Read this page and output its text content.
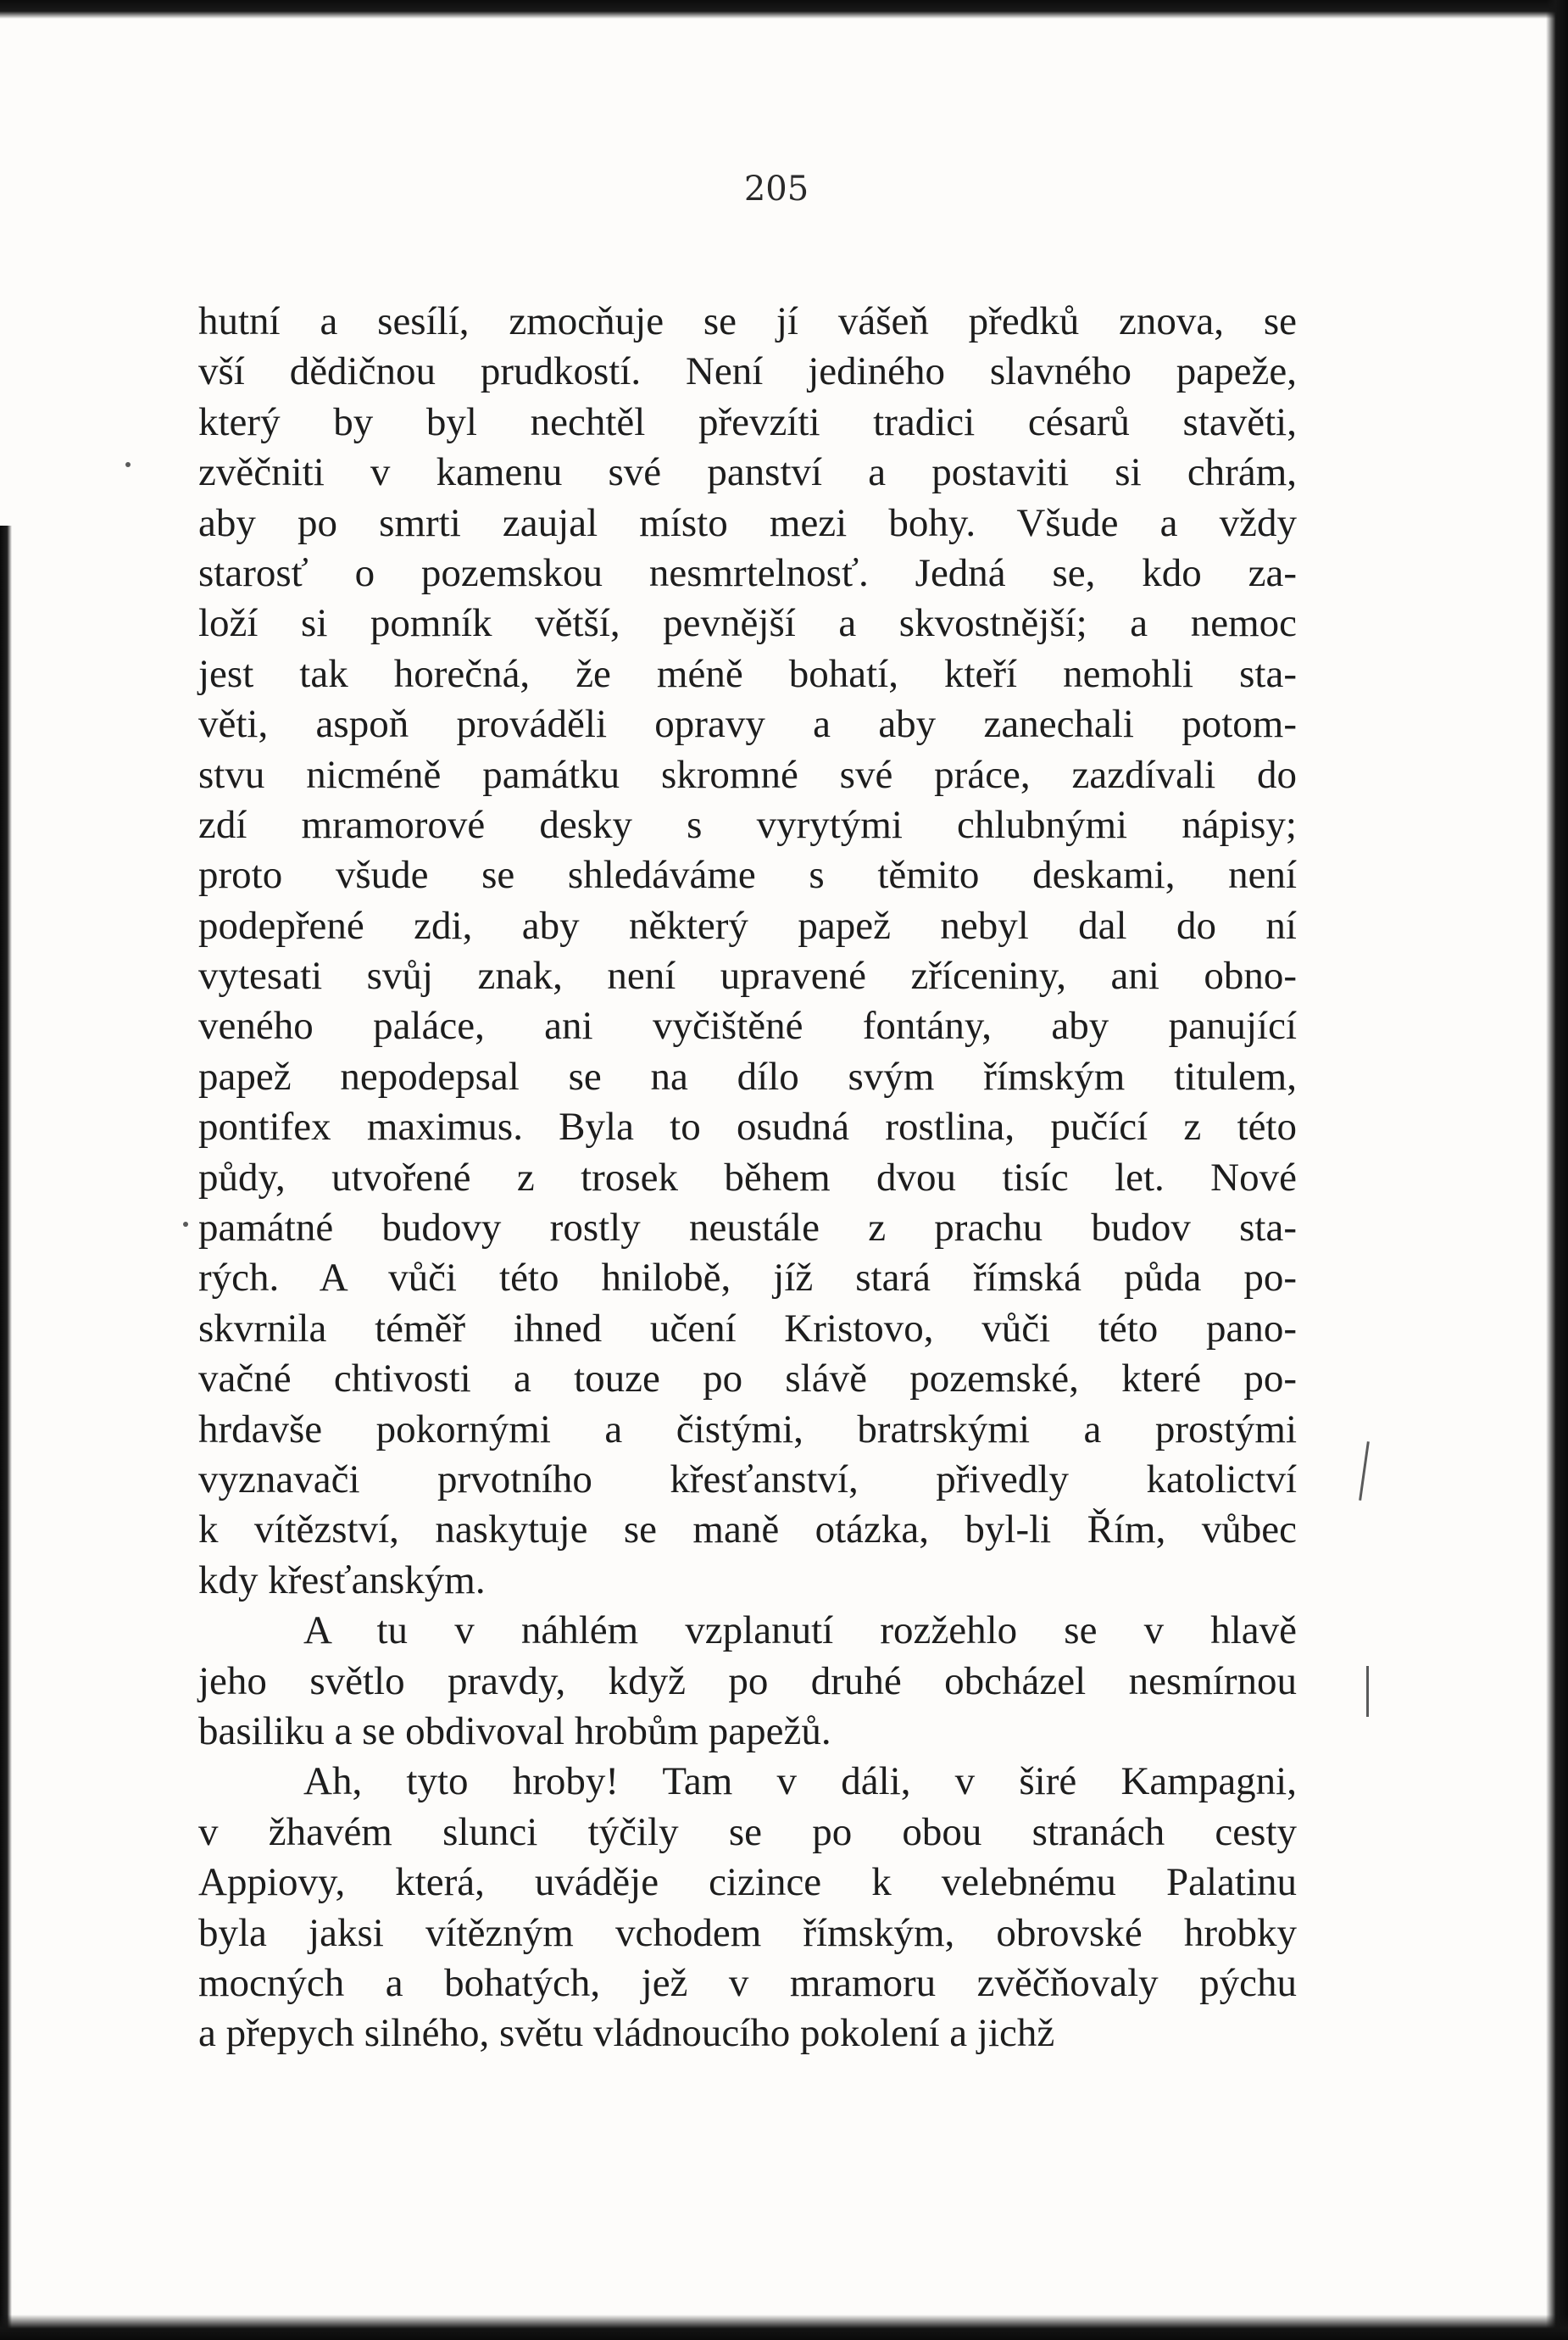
205
hutní a sesílí, zmocňuje se jí vášeň předků znova, se
vší dědičnou prudkostí. Není jediného slavného papeže,
který by byl nechtěl převzíti tradici césarů stavěti,
zvěčniti v kamenu své panství a postaviti si chrám,
aby po smrti zaujal místo mezi bohy. Všude a vždy
starosť o pozemskou nesmrtelnosť. Jedná se, kdo za-
loží si pomník větší, pevnější a skvostnější; a nemoc
jest tak horečná, že méně bohatí, kteří nemohli sta-
věti, aspoň prováděli opravy a aby zanechali potom-
stvu nicméně památku skromné své práce, zazdívali do
zdí mramorové desky s vyrytými chlubnými nápisy;
proto všude se shledáváme s těmito deskami, není
podepřené zdi, aby některý papež nebyl dal do ní
vytesati svůj znak, není upravené zříceniny, ani obno-
veného paláce, ani vyčištěné fontány, aby panující
papež nepodepsal se na dílo svým římským titulem,
pontifex maximus. Byla to osudná rostlina, pučící z této
půdy, utvořené z trosek během dvou tisíc let. Nové
památné budovy rostly neustále z prachu budov sta-
rých. A vůči této hnilobě, jíž stará římská půda po-
skvrnila téměř ihned učení Kristovo, vůči této pano-
vačné chtivosti a touze po slávě pozemské, které po-
hrdavše pokornými a čistými, bratrskými a prostými
vyznavači prvotního křesťanství, přivedly katolictví
k vítězství, naskytuje se maně otázka, byl-li Řím, vůbec
kdy křesťanským.
A tu v náhlém vzplanutí rozžehlo se v hlavě
jeho světlo pravdy, když po druhé obcházel nesmírnou
basiliku a se obdivoval hrobům papežů.
Ah, tyto hroby! Tam v dáli, v širé Kampagni,
v žhavém slunci týčily se po obou stranách cesty
Appiovy, která, uváděje cizince k velebnému Palatinu
byla jaksi vítězným vchodem římským, obrovské hrobky
mocných a bohatých, jež v mramoru zvěčňovaly pýchu
a přepych silného, světu vládnoucího pokolení a jichž
